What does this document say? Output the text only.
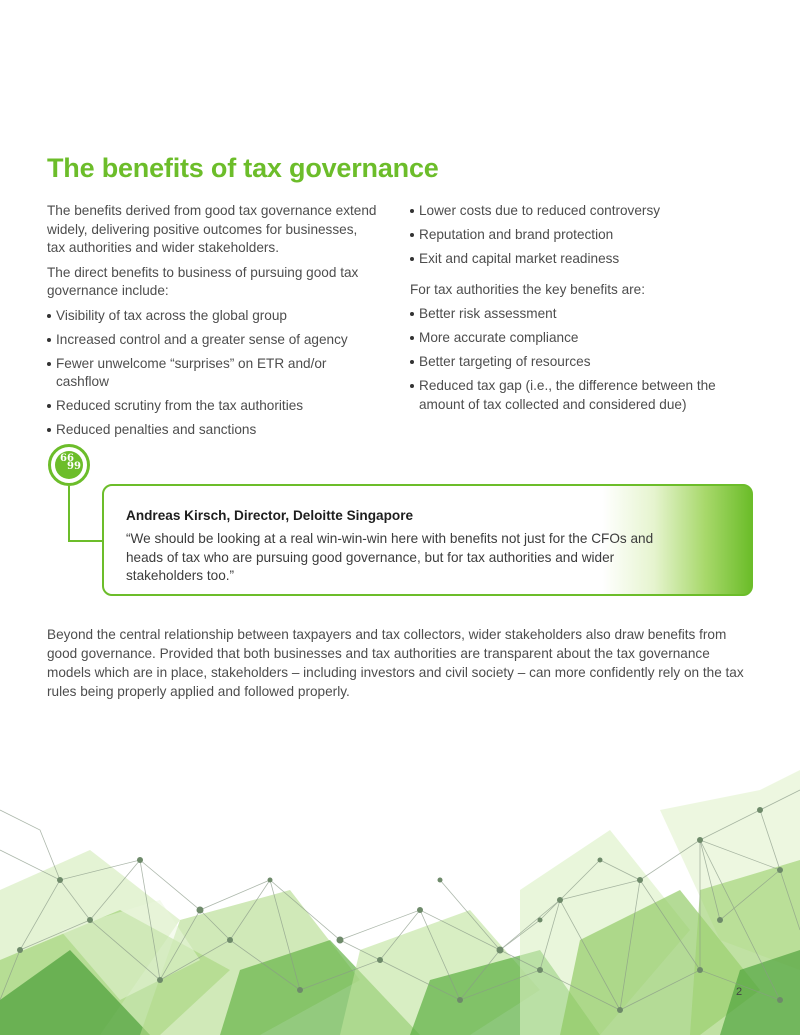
The benefits of tax governance

The benefits derived from good tax governance extend widely, delivering positive outcomes for businesses, tax authorities and wider stakeholders.

The direct benefits to business of pursuing good tax governance include:

Visibility of tax across the global group
Increased control and a greater sense of agency
Fewer unwelcome “surprises” on ETR and/or cashflow
Reduced scrutiny from the tax authorities
Reduced penalties and sanctions
Lower costs due to reduced controversy
Reputation and brand protection
Exit and capital market readiness

For tax authorities the key benefits are:

Better risk assessment
More accurate compliance
Better targeting of resources
Reduced tax gap (i.e., the difference between the amount of tax collected and considered due)
66
99

Andreas Kirsch, Director, Deloitte Singapore

“We should be looking at a real win-win-win here with benefits not just for the CFOs and heads of tax who are pursuing good governance, but for tax authorities and wider stakeholders too.”

Beyond the central relationship between taxpayers and tax collectors, wider stakeholders also draw benefits from good governance. Provided that both businesses and tax authorities are transparent about the tax governance models which are in place, stakeholders – including investors and civil society – can more confidently rely on the tax rules being properly applied and followed properly.

2
